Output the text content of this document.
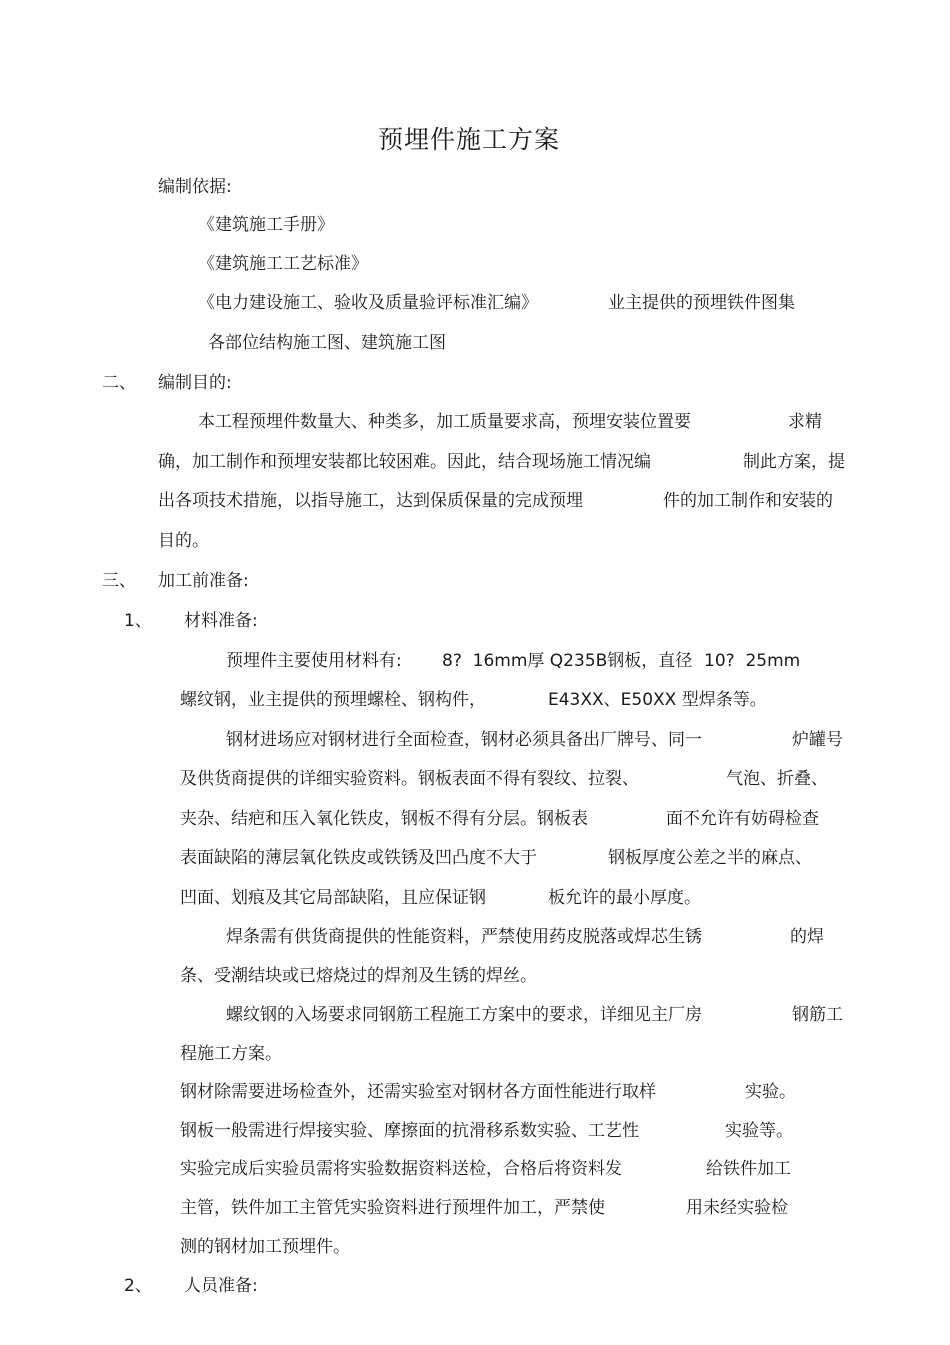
预埋件施工方案
编制依据:
《建筑施工手册》
《建筑施工工艺标准》
《电力建设施工、验收及质量验评标准汇编》	业主提供的预埋铁件图集
各部位结构施工图、建筑施工图
二、 编制目的:
本工程预埋件数量大、种类多，加工质量要求高，预埋安装位置要	求精
确，加工制作和预埋安装都比较困难。因此，结合现场施工情况编	制此方案，提
出各项技术措施，以指导施工，达到保质保量的完成预埋	件的加工制作和安装的
目的。
三、 加工前准备:
1、 材料准备:
预埋件主要使用材料有: 8?  16mm厚 Q235B钢板，直径 10?  25mm
螺纹钢，业主提供的预埋螺栓、钢构件，	E43XX、E50XX 型焊条等。
钢材进场应对钢材进行全面检查，钢材必须具备出厂牌号、同一	炉罐号
及供货商提供的详细实验资料。钢板表面不得有裂纹、拉裂、	气泡、折叠、
夹杂、结疤和压入氧化铁皮，钢板不得有分层。钢板表	面不允许有妨碍检查
表面缺陷的薄层氧化铁皮或铁锈及凹凸度不大于	钢板厚度公差之半的麻点、
凹面、划痕及其它局部缺陷，且应保证钢	板允许的最小厚度。
焊条需有供货商提供的性能资料，严禁使用药皮脱落或焊芯生锈	的焊
条、受潮结块或已熔烧过的焊剂及生锈的焊丝。
螺纹钢的入场要求同钢筋工程施工方案中的要求，详细见主厂房	钢筋工
程施工方案。
钢材除需要进场检查外，还需实验室对钢材各方面性能进行取样	实验。
钢板一般需进行焊接实验、摩擦面的抗滑移系数实验、工艺性	实验等。
实验完成后实验员需将实验数据资料送检，合格后将资料发	给铁件加工
主管，铁件加工主管凭实验资料进行预埋件加工，严禁使	用未经实验检
测的钢材加工预埋件。
2、 人员准备:
